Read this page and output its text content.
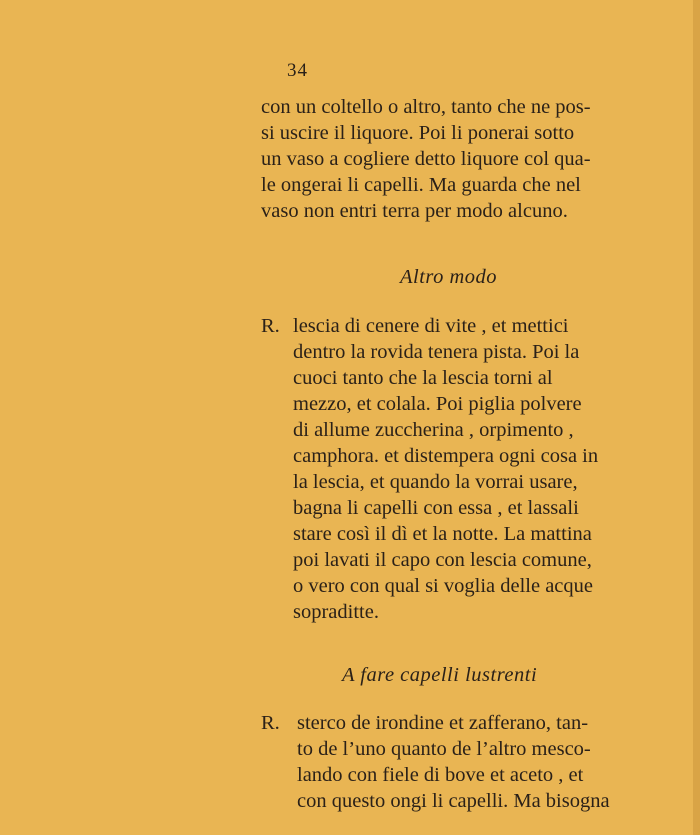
34
con un coltello o altro, tanto che ne pos-
si uscire il liquore. Poi li ponerai sotto
un vaso a cogliere detto liquore col qua-
le ongerai li capelli. Ma guarda che nel
vaso non entri terra per modo alcuno.
Altro modo
R. lescia di cenere di vite , et mettici
dentro la rovida tenera pista. Poi la
cuoci tanto che la lescia torni al
mezzo, et colala. Poi piglia polvere
di allume zuccherina , orpimento ,
camphora. et distempera ogni cosa in
la lescia, et quando la vorrai usare,
bagna li capelli con essa , et lassali
stare così il dì et la notte. La mattina
poi lavati il capo con lescia comune,
o vero con qual si voglia delle acque
sopraditte.
A fare capelli lustrenti
R. sterco de irondine et zafferano, tan-
to de l’uno quanto de l’altro mesco-
lando con fiele di bove et aceto , et
con questo ongi li capelli. Ma bisogna
